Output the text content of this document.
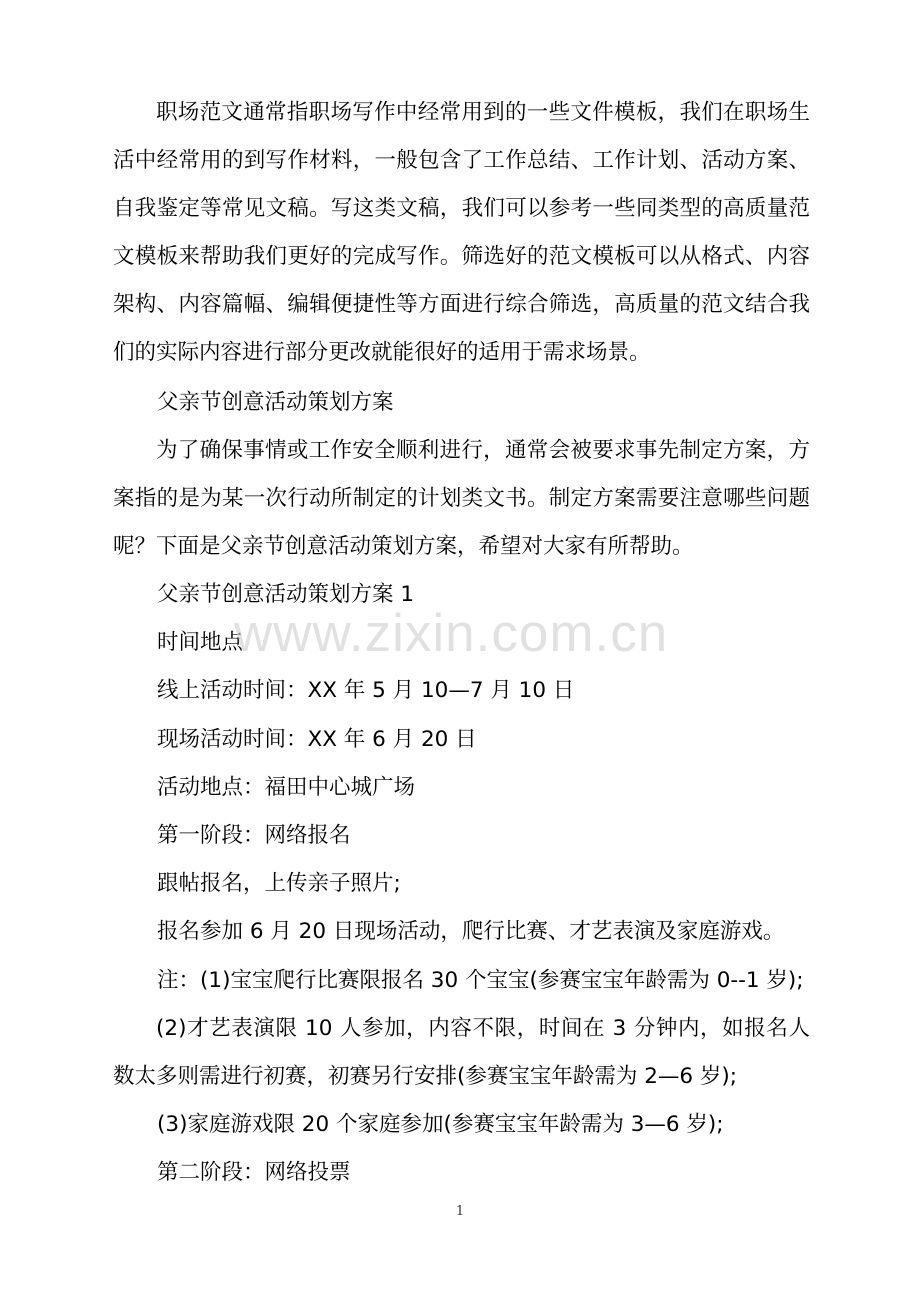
职场范文通常指职场写作中经常用到的一些文件模板，我们在职场生活中经常用的到写作材料，一般包含了工作总结、工作计划、活动方案、自我鉴定等常见文稿。写这类文稿，我们可以参考一些同类型的高质量范文模板来帮助我们更好的完成写作。筛选好的范文模板可以从格式、内容架构、内容篇幅、编辑便捷性等方面进行综合筛选，高质量的范文结合我们的实际内容进行部分更改就能很好的适用于需求场景。

父亲节创意活动策划方案

为了确保事情或工作安全顺利进行，通常会被要求事先制定方案，方案指的是为某一次行动所制定的计划类文书。制定方案需要注意哪些问题呢？下面是父亲节创意活动策划方案，希望对大家有所帮助。

父亲节创意活动策划方案 1

时间地点

线上活动时间：XX 年 5 月 10—7 月 10 日

现场活动时间：XX 年 6 月 20 日

活动地点：福田中心城广场

第一阶段：网络报名

跟帖报名，上传亲子照片;

报名参加 6 月 20 日现场活动，爬行比赛、才艺表演及家庭游戏。

注：(1)宝宝爬行比赛限报名 30 个宝宝(参赛宝宝年龄需为 0--1 岁);

(2)才艺表演限 10 人参加，内容不限，时间在 3 分钟内，如报名人数太多则需进行初赛，初赛另行安排(参赛宝宝年龄需为 2—6 岁);

(3)家庭游戏限 20 个家庭参加(参赛宝宝年龄需为 3—6 岁);

第二阶段：网络投票

www.zixin.com.cn
1
